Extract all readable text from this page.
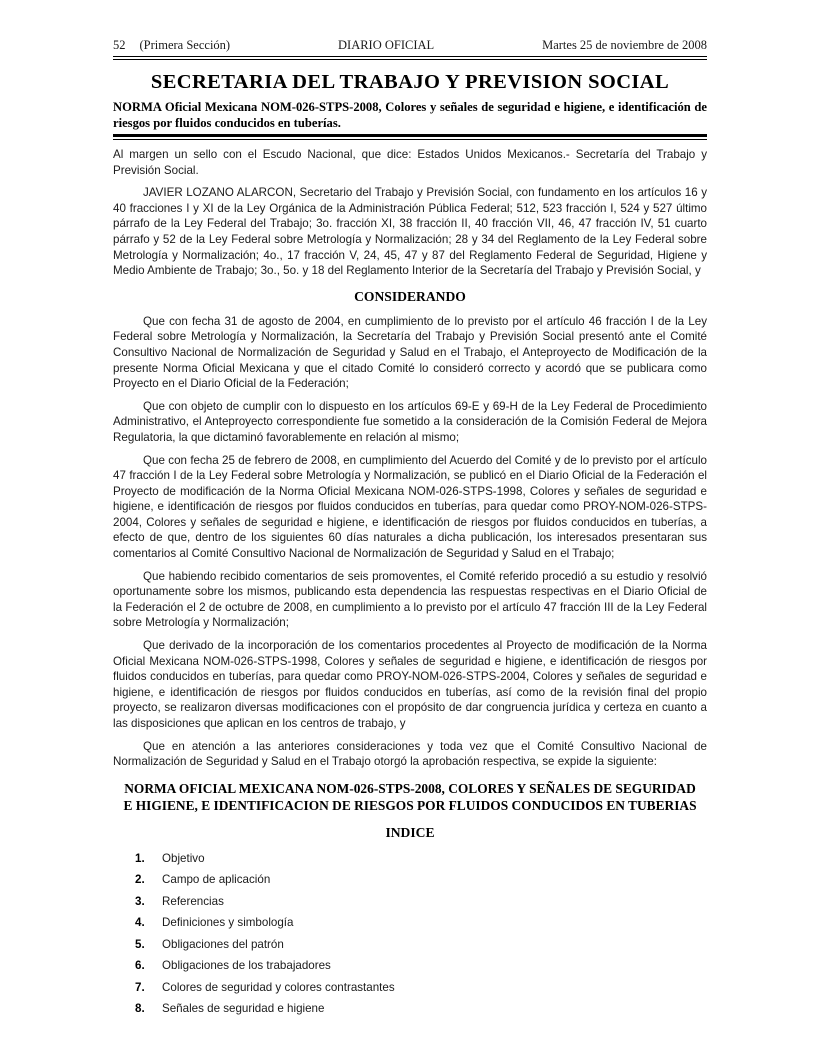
52 (Primera Sección)	DIARIO OFICIAL	Martes 25 de noviembre de 2008
SECRETARIA DEL TRABAJO Y PREVISION SOCIAL

NORMA Oficial Mexicana NOM-026-STPS-2008, Colores y señales de seguridad e higiene, e identificación de riesgos por fluidos conducidos en tuberías.

Al margen un sello con el Escudo Nacional, que dice: Estados Unidos Mexicanos.- Secretaría del Trabajo y Previsión Social.

JAVIER LOZANO ALARCON, Secretario del Trabajo y Previsión Social, con fundamento en los artículos 16 y 40 fracciones I y XI de la Ley Orgánica de la Administración Pública Federal; 512, 523 fracción I, 524 y 527 último párrafo de la Ley Federal del Trabajo; 3o. fracción XI, 38 fracción II, 40 fracción VII, 46, 47 fracción IV, 51 cuarto párrafo y 52 de la Ley Federal sobre Metrología y Normalización; 28 y 34 del Reglamento de la Ley Federal sobre Metrología y Normalización; 4o., 17 fracción V, 24, 45, 47 y 87 del Reglamento Federal de Seguridad, Higiene y Medio Ambiente de Trabajo; 3o., 5o. y 18 del Reglamento Interior de la Secretaría del Trabajo y Previsión Social, y

CONSIDERANDO

Que con fecha 31 de agosto de 2004, en cumplimiento de lo previsto por el artículo 46 fracción I de la Ley Federal sobre Metrología y Normalización, la Secretaría del Trabajo y Previsión Social presentó ante el Comité Consultivo Nacional de Normalización de Seguridad y Salud en el Trabajo, el Anteproyecto de Modificación de la presente Norma Oficial Mexicana y que el citado Comité lo consideró correcto y acordó que se publicara como Proyecto en el Diario Oficial de la Federación;

Que con objeto de cumplir con lo dispuesto en los artículos 69-E y 69-H de la Ley Federal de Procedimiento Administrativo, el Anteproyecto correspondiente fue sometido a la consideración de la Comisión Federal de Mejora Regulatoria, la que dictaminó favorablemente en relación al mismo;

Que con fecha 25 de febrero de 2008, en cumplimiento del Acuerdo del Comité y de lo previsto por el artículo 47 fracción I de la Ley Federal sobre Metrología y Normalización, se publicó en el Diario Oficial de la Federación el Proyecto de modificación de la Norma Oficial Mexicana NOM-026-STPS-1998, Colores y señales de seguridad e higiene, e identificación de riesgos por fluidos conducidos en tuberías, para quedar como PROY-NOM-026-STPS-2004, Colores y señales de seguridad e higiene, e identificación de riesgos por fluidos conducidos en tuberías, a efecto de que, dentro de los siguientes 60 días naturales a dicha publicación, los interesados presentaran sus comentarios al Comité Consultivo Nacional de Normalización de Seguridad y Salud en el Trabajo;

Que habiendo recibido comentarios de seis promoventes, el Comité referido procedió a su estudio y resolvió oportunamente sobre los mismos, publicando esta dependencia las respuestas respectivas en el Diario Oficial de la Federación el 2 de octubre de 2008, en cumplimiento a lo previsto por el artículo 47 fracción III de la Ley Federal sobre Metrología y Normalización;

Que derivado de la incorporación de los comentarios procedentes al Proyecto de modificación de la Norma Oficial Mexicana NOM-026-STPS-1998, Colores y señales de seguridad e higiene, e identificación de riesgos por fluidos conducidos en tuberías, para quedar como PROY-NOM-026-STPS-2004, Colores y señales de seguridad e higiene, e identificación de riesgos por fluidos conducidos en tuberías, así como de la revisión final del propio proyecto, se realizaron diversas modificaciones con el propósito de dar congruencia jurídica y certeza en cuanto a las disposiciones que aplican en los centros de trabajo, y

Que en atención a las anteriores consideraciones y toda vez que el Comité Consultivo Nacional de Normalización de Seguridad y Salud en el Trabajo otorgó la aprobación respectiva, se expide la siguiente:

NORMA OFICIAL MEXICANA NOM-026-STPS-2008, COLORES Y SEÑALES DE SEGURIDAD
E HIGIENE, E IDENTIFICACION DE RIESGOS POR FLUIDOS CONDUCIDOS EN TUBERIAS
INDICE
1.	Objetivo
2.	Campo de aplicación
3.	Referencias
4.	Definiciones y simbología
5.	Obligaciones del patrón
6.	Obligaciones de los trabajadores
7.	Colores de seguridad y colores contrastantes
8.	Señales de seguridad e higiene
